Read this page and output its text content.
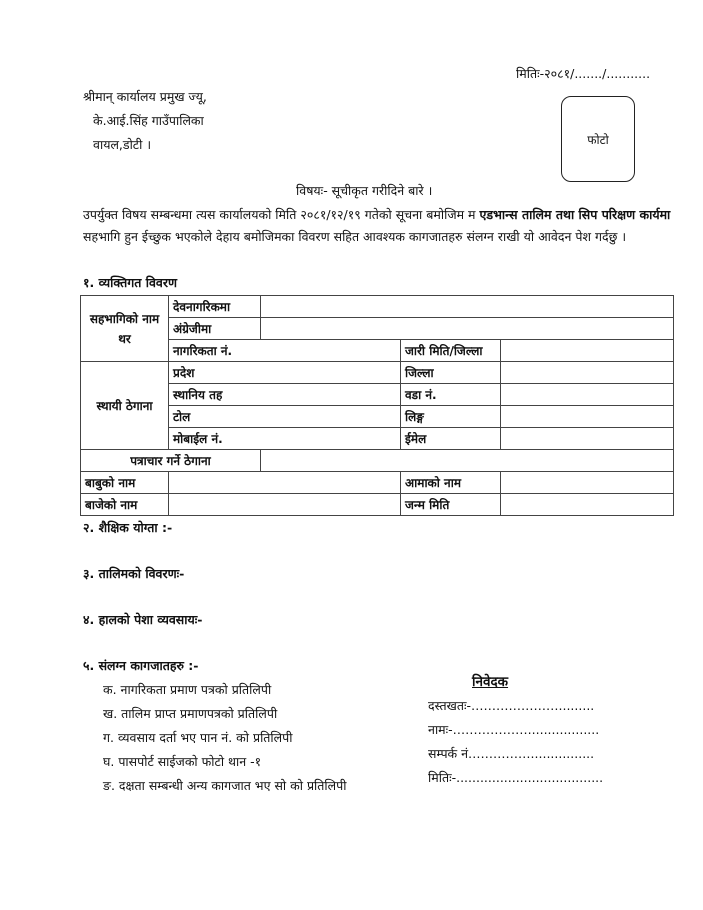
मितिः-२०८१/......./...........
श्रीमान् कार्यालय प्रमुख ज्यू,
के.आई.सिंह गाउँपालिका
वायल,डोटी ।	फोटो
विषयः- सूचीकृत गरीदिने बारे ।
उपर्युक्त विषय सम्बन्धमा त्यस कार्यालयको मिति २०८१/१२/१९ गतेको सूचना बमोजिम म एडभान्स तालिम तथा सिप परिक्षण कार्यमा सहभागि हुन ईच्छुक भएकोले देहाय बमोजिमका विवरण सहित आवश्यक कागजातहरु संलग्न राखी यो आवेदन पेश गर्दछु ।
१. व्यक्तिगत विवरण
सहभागिको नाम थर	देवनागरिकमा			
	अंग्रेजीमा			
	नागरिकता नं.		जारी मिति/जिल्ला	
स्थायी ठेगाना	प्रदेश		जिल्ला	
	स्थानिय तह		वडा नं.	
	टोल		लिङ्ग	
	मोबाईल नं.		ईमेल	
पत्राचार गर्ने ठेगाना				
बाबुको नाम			आमाको नाम	
बाजेको नाम			जन्म मिति	
२. शैक्षिक योग्ता :-
३. तालिमको विवरणः-
४. हालको पेशा व्यवसायः-
५. संलग्न कागजातहरु :-
क. नागरिकता प्रमाण पत्रको प्रतिलिपी
ख. तालिम प्राप्त प्रमाणपत्रको प्रतिलिपी
ग. व्यवसाय दर्ता भए पान नं. को प्रतिलिपी
घ. पासपोर्ट साईजको फोटो थान -१
ङ. दक्षता सम्बन्धी अन्य कागजात भए सो को प्रतिलिपी
निवेदक
दस्तखतः-………………….........
नामः-………………..................
सम्पर्क नं……………................
मितिः-.....................................
